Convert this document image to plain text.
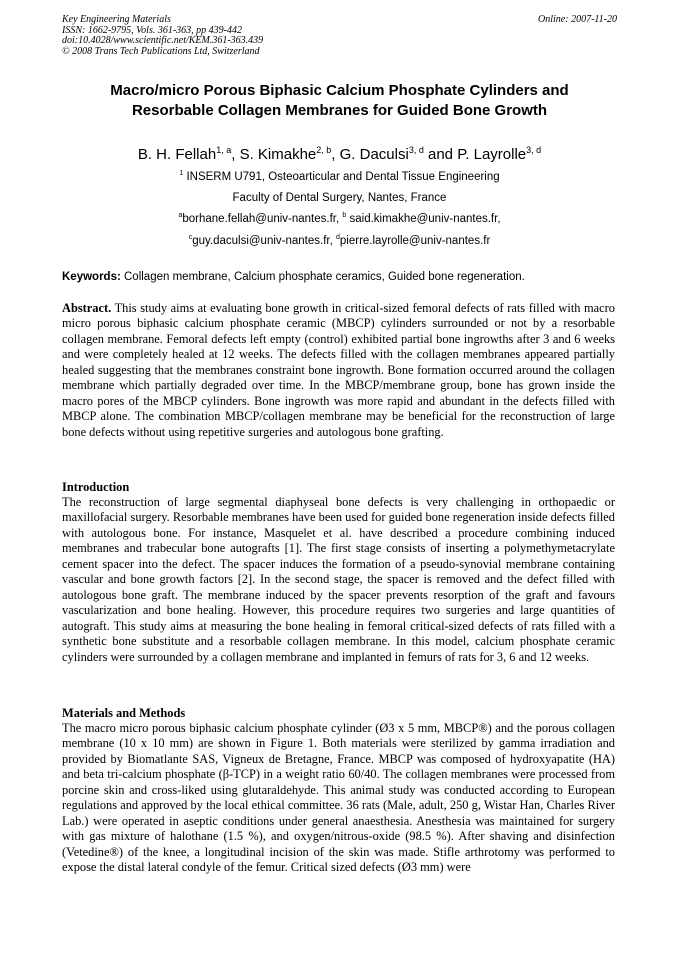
Key Engineering Materials
ISSN: 1662-9795, Vols. 361-363, pp 439-442
doi:10.4028/www.scientific.net/KEM.361-363.439
© 2008 Trans Tech Publications Ltd, Switzerland
Online: 2007-11-20
Macro/micro Porous Biphasic Calcium Phosphate Cylinders and
Resorbable Collagen Membranes for Guided Bone Growth
B. H. Fellah$^{1, a}$, S. Kimakhe$^{2, b}$, G. Daculsi$^{3, d}$ and P. Layrolle$^{3, d}$
$^1$ INSERM U791, Osteoarticular and Dental Tissue Engineering
Faculty of Dental Surgery, Nantes, France
$^a$borhane.fellah@univ-nantes.fr, $^b$ said.kimakhe@univ-nantes.fr,
$^c$guy.daculsi@univ-nantes.fr, $^d$pierre.layrolle@univ-nantes.fr
Keywords: Collagen membrane, Calcium phosphate ceramics, Guided bone regeneration.
Abstract. This study aims at evaluating bone growth in critical-sized femoral defects of rats filled with macro micro porous biphasic calcium phosphate ceramic (MBCP) cylinders surrounded or not by a resorbable collagen membrane. Femoral defects left empty (control) exhibited partial bone ingrowths after 3 and 6 weeks and were completely healed at 12 weeks. The defects filled with the collagen membranes appeared partially healed suggesting that the membranes constraint bone ingrowth. Bone formation occurred around the collagen membrane which partially degraded over time. In the MBCP/membrane group, bone has grown inside the macro pores of the MBCP cylinders. Bone ingrowth was more rapid and abundant in the defects filled with MBCP alone. The combination MBCP/collagen membrane may be beneficial for the reconstruction of large bone defects without using repetitive surgeries and autologous bone grafting.
Introduction
The reconstruction of large segmental diaphyseal bone defects is very challenging in orthopaedic or maxillofacial surgery. Resorbable membranes have been used for guided bone regeneration inside defects filled with autologous bone. For instance, Masquelet et al. have described a procedure combining induced membranes and trabecular bone autografts [1]. The first stage consists of inserting a polymethymetacrylate cement spacer into the defect. The spacer induces the formation of a pseudo-synovial membrane containing vascular and bone growth factors [2]. In the second stage, the spacer is removed and the defect filled with autologous bone graft. The membrane induced by the spacer prevents resorption of the graft and favours vascularization and bone healing. However, this procedure requires two surgeries and large quantities of autograft. This study aims at measuring the bone healing in femoral critical-sized defects of rats filled with a synthetic bone substitute and a resorbable collagen membrane. In this model, calcium phosphate ceramic cylinders were surrounded by a collagen membrane and implanted in femurs of rats for 3, 6 and 12 weeks.
Materials and Methods
The macro micro porous biphasic calcium phosphate cylinder (Ø3 x 5 mm, MBCP®) and the porous collagen membrane (10 x 10 mm) are shown in Figure 1. Both materials were sterilized by gamma irradiation and provided by Biomatlante SAS, Vigneux de Bretagne, France. MBCP was composed of hydroxyapatite (HA) and beta tri-calcium phosphate (β-TCP) in a weight ratio 60/40. The collagen membranes were processed from porcine skin and cross-liked using glutaraldehyde. This animal study was conducted according to European regulations and approved by the local ethical committee. 36 rats (Male, adult, 250 g, Wistar Han, Charles River Lab.) were operated in aseptic conditions under general anaesthesia. Anesthesia was maintained for surgery with gas mixture of halothane (1.5 %), and oxygen/nitrous-oxide (98.5 %). After shaving and disinfection (Vetedine®) of the knee, a longitudinal incision of the skin was made. Stifle arthrotomy was performed to expose the distal lateral condyle of the femur. Critical sized defects (Ø3 mm) were
